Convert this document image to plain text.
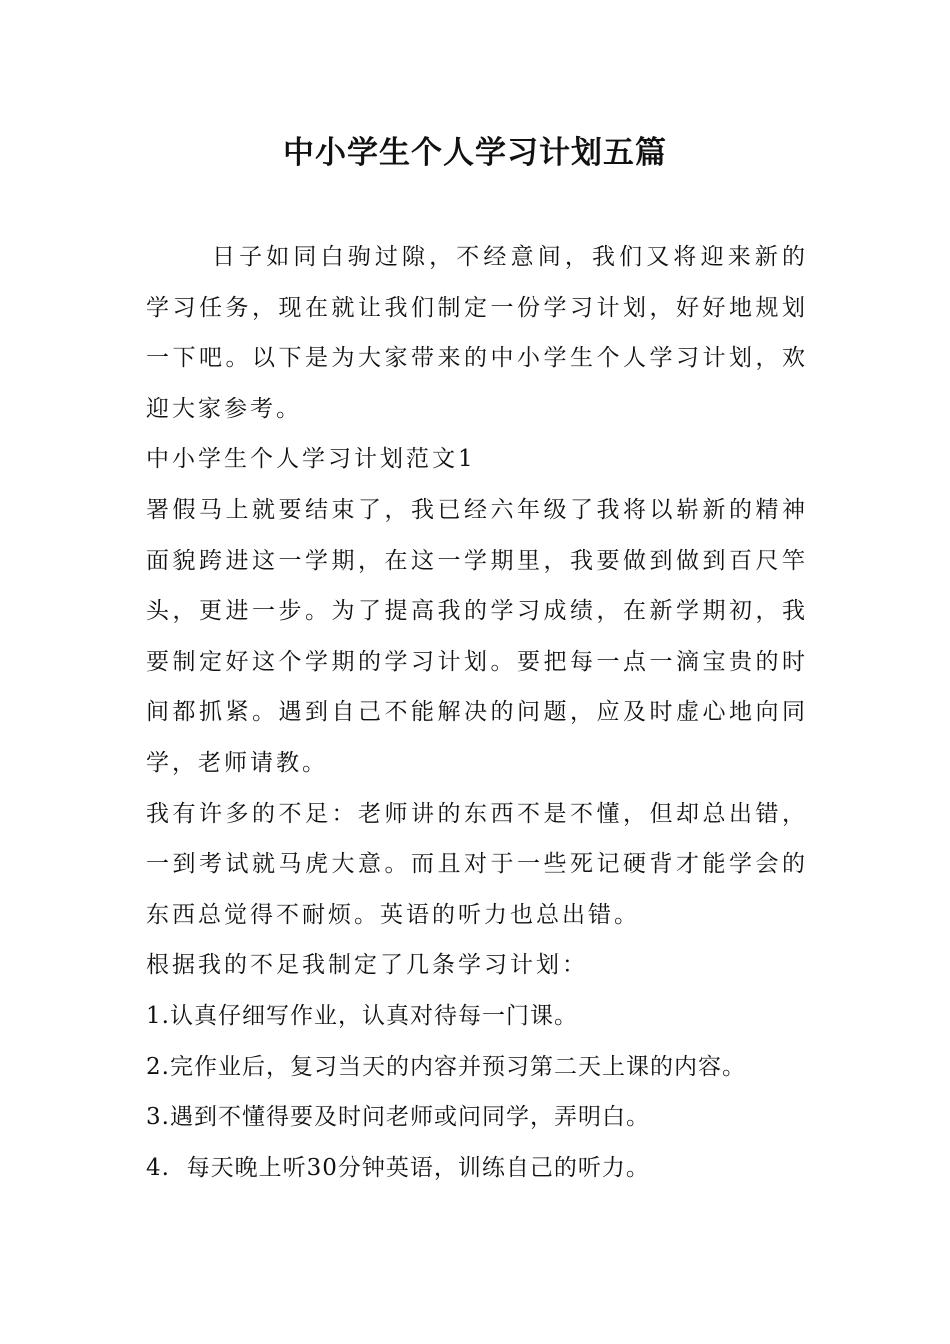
中小学生个人学习计划五篇

日子如同白驹过隙，不经意间，我们又将迎来新的学习任务，现在就让我们制定一份学习计划，好好地规划一下吧。以下是为大家带来的中小学生个人学习计划，欢迎大家参考。

中小学生个人学习计划范文1

署假马上就要结束了，我已经六年级了我将以崭新的精神面貌跨进这一学期，在这一学期里，我要做到做到百尺竿头，更进一步。为了提高我的学习成绩，在新学期初，我要制定好这个学期的学习计划。要把每一点一滴宝贵的时间都抓紧。遇到自己不能解决的问题，应及时虚心地向同学，老师请教。

我有许多的不足：老师讲的东西不是不懂，但却总出错，一到考试就马虎大意。而且对于一些死记硬背才能学会的东西总觉得不耐烦。英语的听力也总出错。

根据我的不足我制定了几条学习计划：

1.认真仔细写作业，认真对待每一门课。

2.完作业后，复习当天的内容并预习第二天上课的内容。

3.遇到不懂得要及时问老师或问同学，弄明白。

4.  每天晚上听30分钟英语，训练自己的听力。
